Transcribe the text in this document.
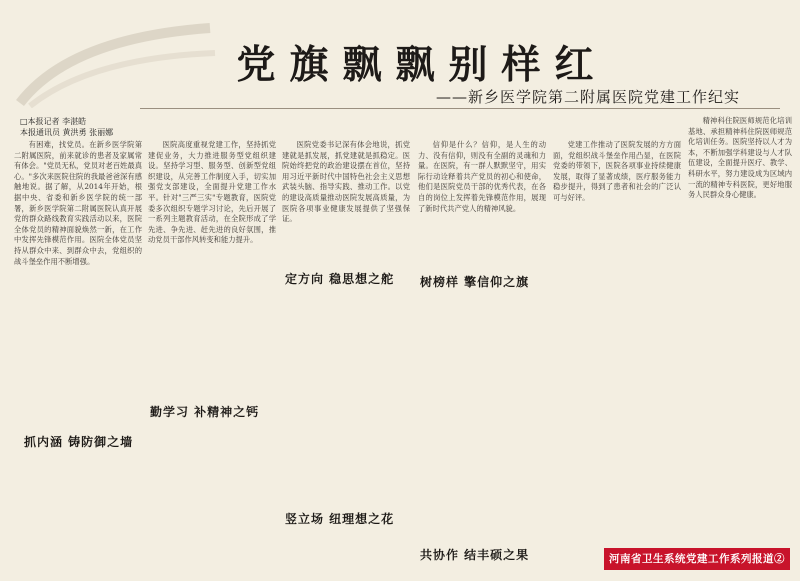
党旗飘飘别样红
——新乡医学院第二附属医院党建工作纪实
□本报记者 李湛皓
本报通讯员 黄洪勇 张丽娜

有困难，找党员。在新乡医学院第二附属医院，前来就诊的患者及家属常有体会。"党员无私，党员对老百姓最真心。"多次来医院住院的我最爸爸深有感触地说。据了解，从2014年开始，根据中央、省委和新乡医学院的统一部署，新乡医学院第二附属医院认真开展党的群众路线教育实践活动以来，医院全体党员的精神面貌焕然一新，在工作中发挥先锋模范作用。医院全体党员坚持从群众中来、到群众中去，党组织的战斗堡垒作用不断增强。

抓内涵 铸防御之墙

医院高度重视党建工作，坚持抓党建促业务，大力推进服务型党组织建设。坚持学习型、服务型、创新型党组织建设，从完善工作制度入手，切实加强党支部建设，全面提升党建工作水平。针对"三严三实"专题教育，医院党委多次组织专题学习讨论，先后开展了一系列主题教育活动，在全院形成了学先进、争先进、赶先进的良好氛围，推动党员干部作风转变和能力提升。

勤学习 补精神之钙

医院党委书记深有体会地说，抓党建就是抓发展，抓党建就是抓稳定。医院始终把党的政治建设摆在首位，坚持用习近平新时代中国特色社会主义思想武装头脑、指导实践、推动工作。以党的建设高质量推动医院发展高质量，为医院各项事业健康发展提供了坚强保证。

定方向 稳思想之舵
竖立场 纽理想之花

信仰是什么？信仰，是人生的动力、没有信仰，则没有全副的灵魂和力量。在医院，有一群人默默坚守，用实际行动诠释着共产党员的初心和使命，他们是医院党员干部的优秀代表，在各自的岗位上发挥着先锋模范作用，展现了新时代共产党人的精神风貌。

树榜样 擎信仰之旗
共协作 结丰硕之果

党建工作推动了医院发展的方方面面，党组织战斗堡垒作用凸显，在医院党委的带领下，医院各项事业持续健康发展，取得了显著成绩，医疗服务能力稳步提升，得到了患者和社会的广泛认可与好评。

精神科住院医师规范化培训基地、承担精神科住院医师规范化培训任务。医院坚持以人才为本，不断加强学科建设与人才队伍建设，全面提升医疗、教学、科研水平，努力建设成为区域内一流的精神专科医院，更好地服务人民群众身心健康。

河南省卫生系统党建工作系列报道②
